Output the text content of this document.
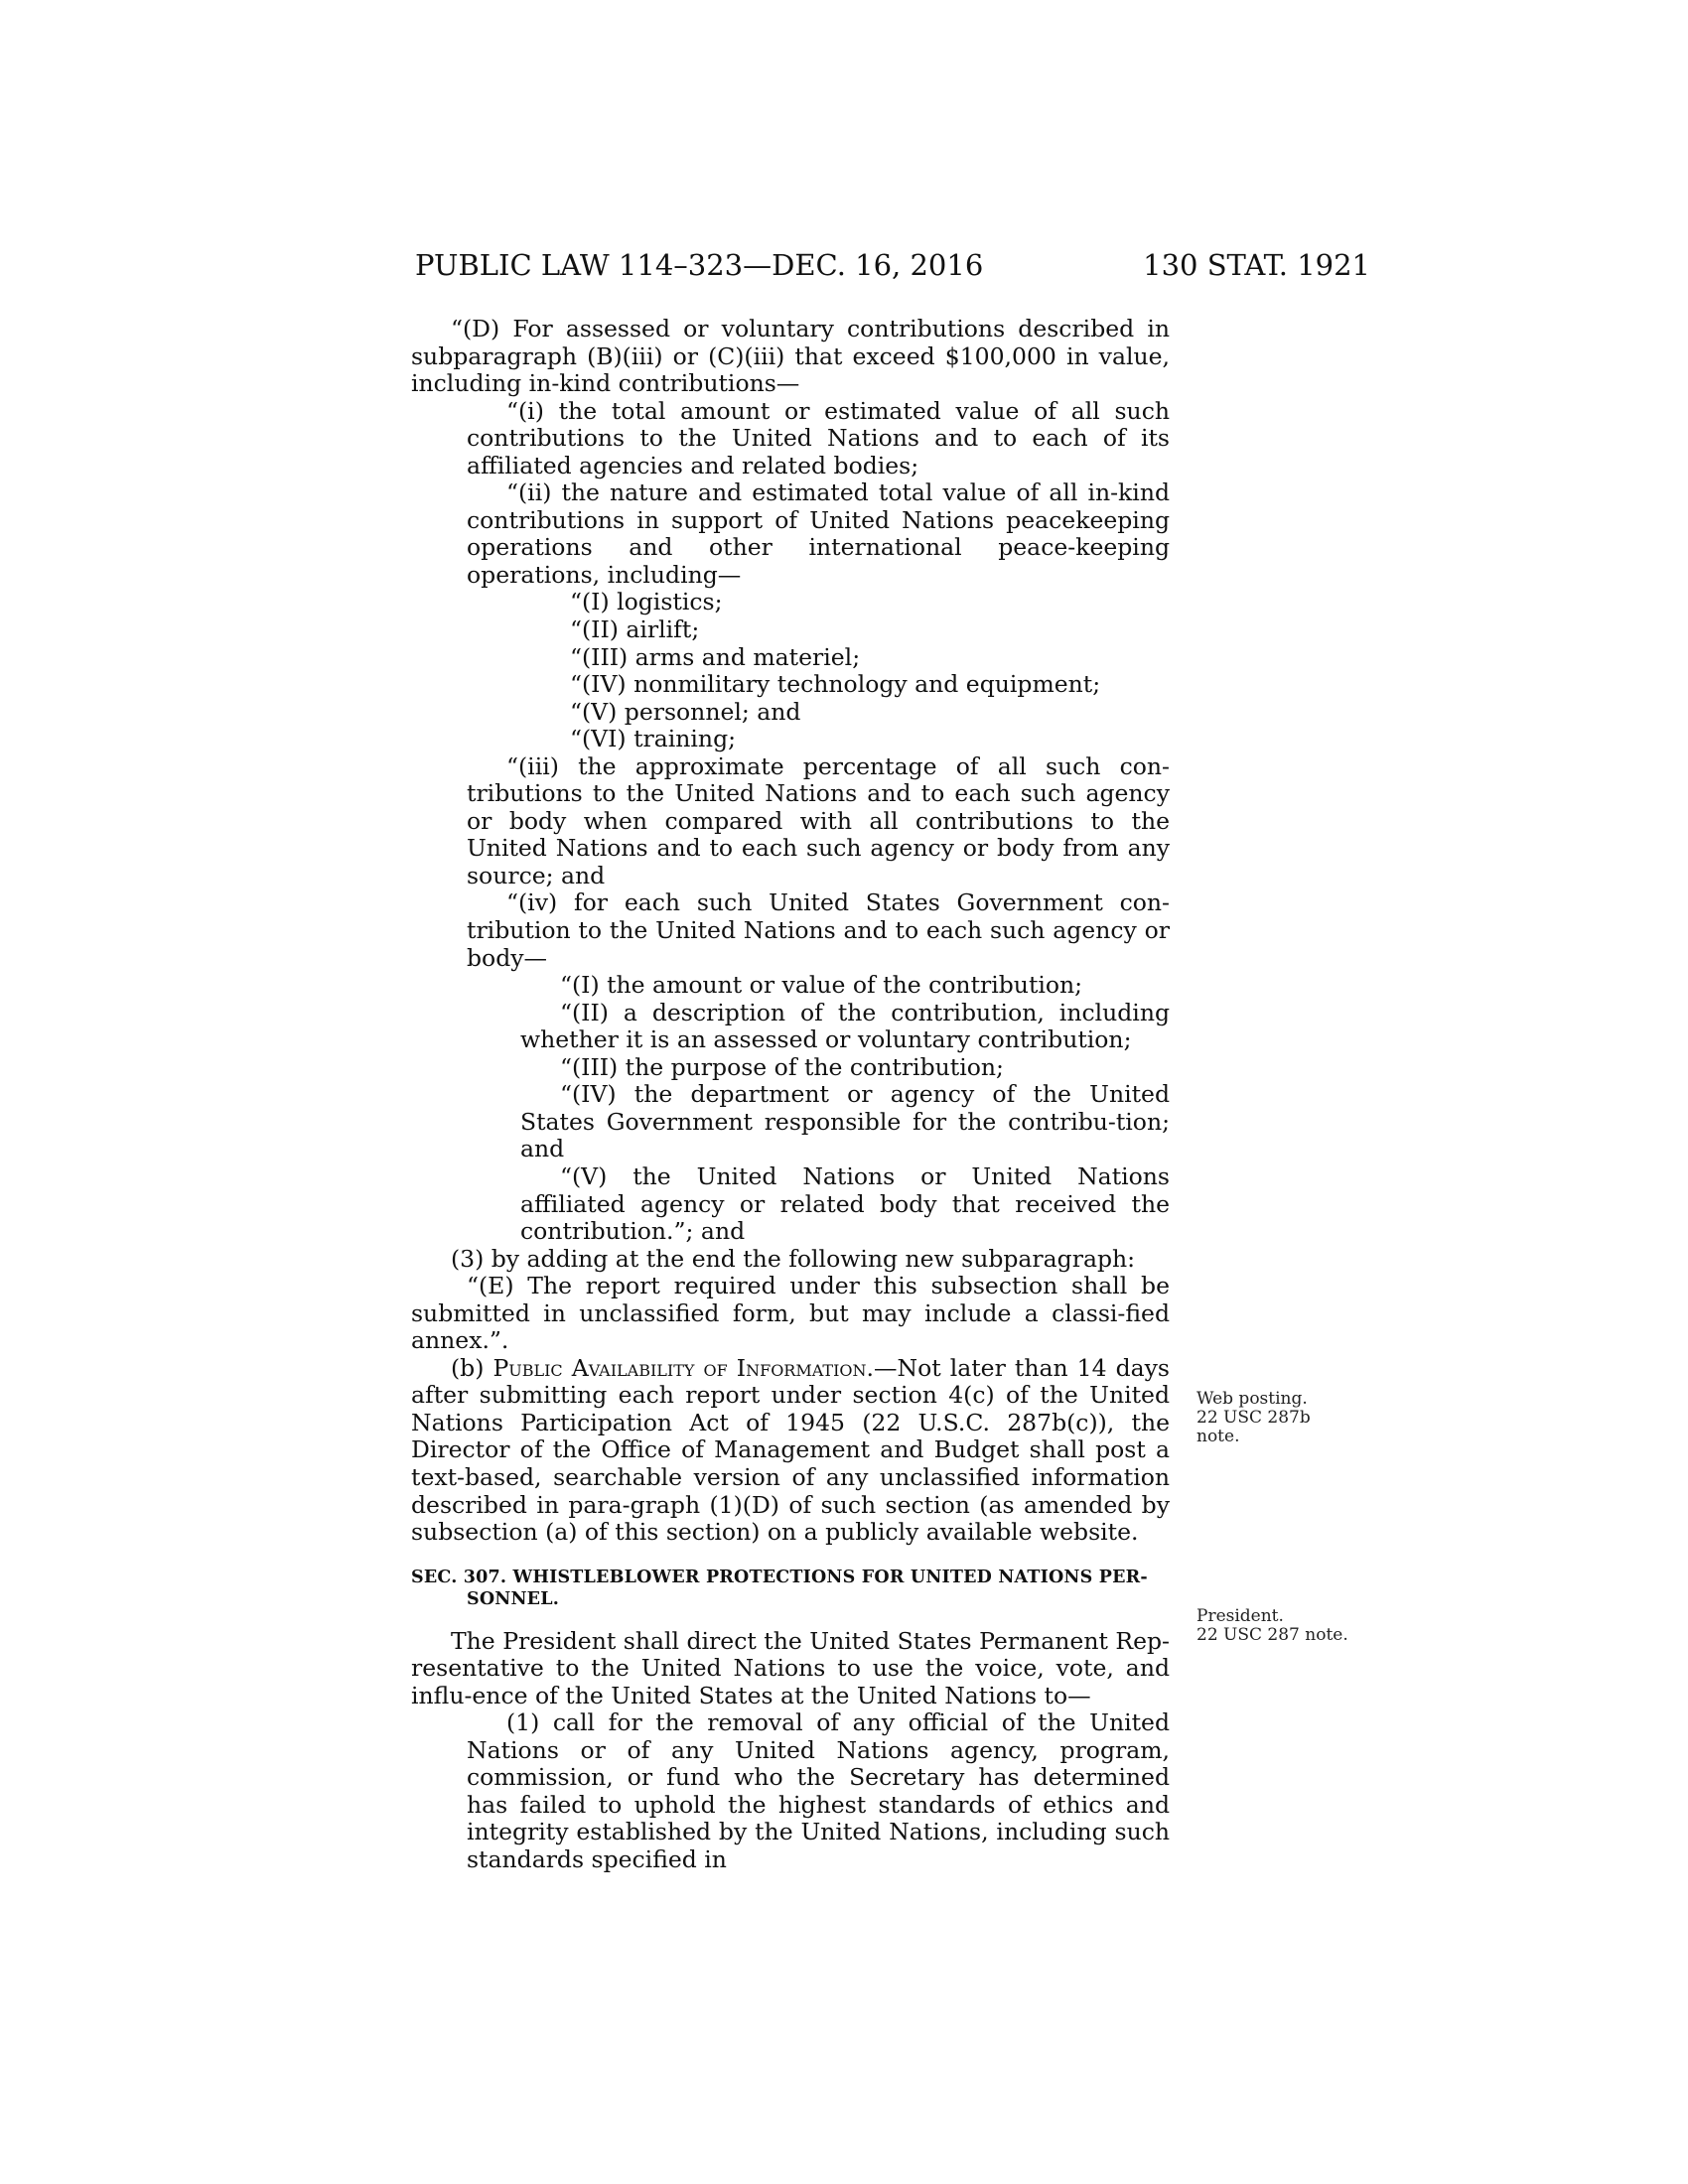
PUBLIC LAW 114–323—DEC. 16, 2016	130 STAT. 1921

“(D) For assessed or voluntary contributions described in subparagraph (B)(iii) or (C)(iii) that exceed $100,000 in value, including in-kind contributions—

“(i) the total amount or estimated value of all such contributions to the United Nations and to each of its affiliated agencies and related bodies;

“(ii) the nature and estimated total value of all in-kind contributions in support of United Nations peacekeeping operations and other international peace-keeping operations, including—

“(I) logistics;

“(II) airlift;

“(III) arms and materiel;

“(IV) nonmilitary technology and equipment;

“(V) personnel; and

“(VI) training;

“(iii) the approximate percentage of all such con-tributions to the United Nations and to each such agency or body when compared with all contributions to the United Nations and to each such agency or body from any source; and

“(iv) for each such United States Government con-tribution to the United Nations and to each such agency or body—

“(I) the amount or value of the contribution;

“(II) a description of the contribution, including whether it is an assessed or voluntary contribution;

“(III) the purpose of the contribution;

“(IV) the department or agency of the United States Government responsible for the contribu-tion; and

“(V) the United Nations or United Nations affiliated agency or related body that received the contribution.”; and

(3) by adding at the end the following new subparagraph:

“(E) The report required under this subsection shall be submitted in unclassified form, but may include a classi-fied annex.”.

(b) Public Availability of Information.—Not later than 14 days after submitting each report under section 4(c) of the United Nations Participation Act of 1945 (22 U.S.C. 287b(c)), the Director of the Office of Management and Budget shall post a text-based, searchable version of any unclassified information described in para-graph (1)(D) of such section (as amended by subsection (a) of this section) on a publicly available website.

SEC. 307. WHISTLEBLOWER PROTECTIONS FOR UNITED NATIONS PER-
SONNEL.

The President shall direct the United States Permanent Rep-resentative to the United Nations to use the voice, vote, and influ-ence of the United States at the United Nations to—

(1) call for the removal of any official of the United Nations or of any United Nations agency, program, commission, or fund who the Secretary has determined has failed to uphold the highest standards of ethics and integrity established by the United Nations, including such standards specified in

Web posting.
22 USC 287b
note.
President.
22 USC 287 note.
